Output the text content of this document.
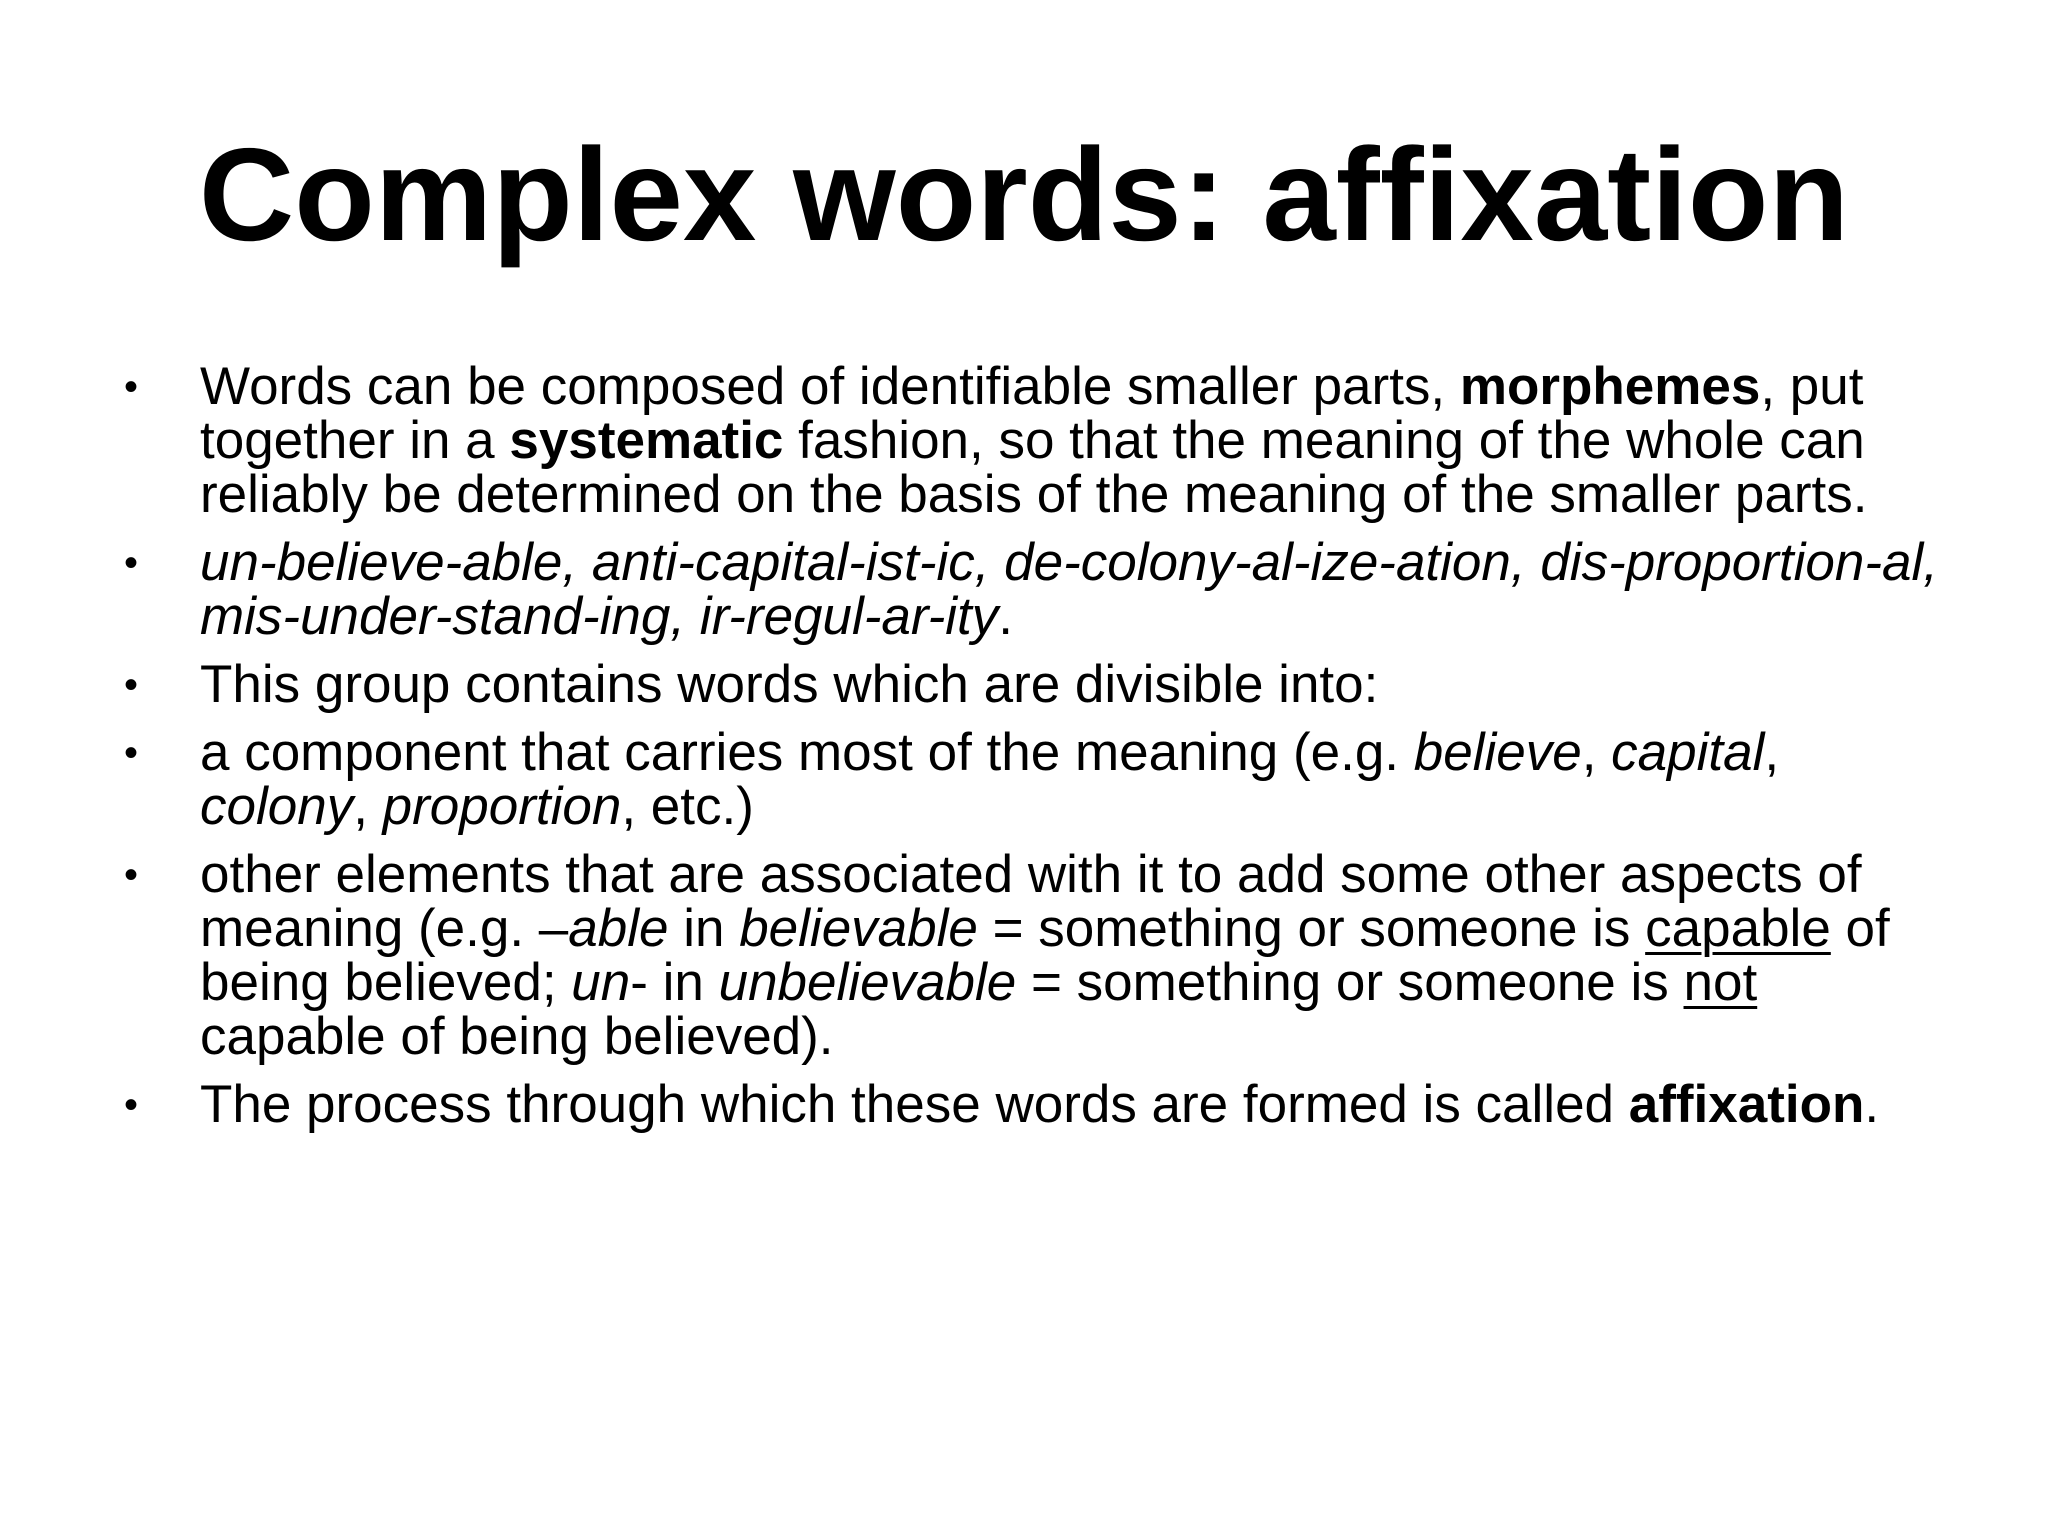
Complex words: affixation
• Words can be composed of identifiable smaller parts, morphemes, put together in a systematic fashion, so that the meaning of the whole can reliably be determined on the basis of the meaning of the smaller parts.
• un-believe-able, anti-capital-ist-ic, de-colony-al-ize-ation, dis-proportion-al, mis-under-stand-ing, ir-regul-ar-ity.
• This group contains words which are divisible into:
• a component that carries most of the meaning (e.g. believe, capital, colony, proportion, etc.)
• other elements that are associated with it to add some other aspects of meaning (e.g. –able in believable = something or someone is capable of being believed; un- in unbelievable = something or someone is not capable of being believed).
• The process through which these words are formed is called affixation.
